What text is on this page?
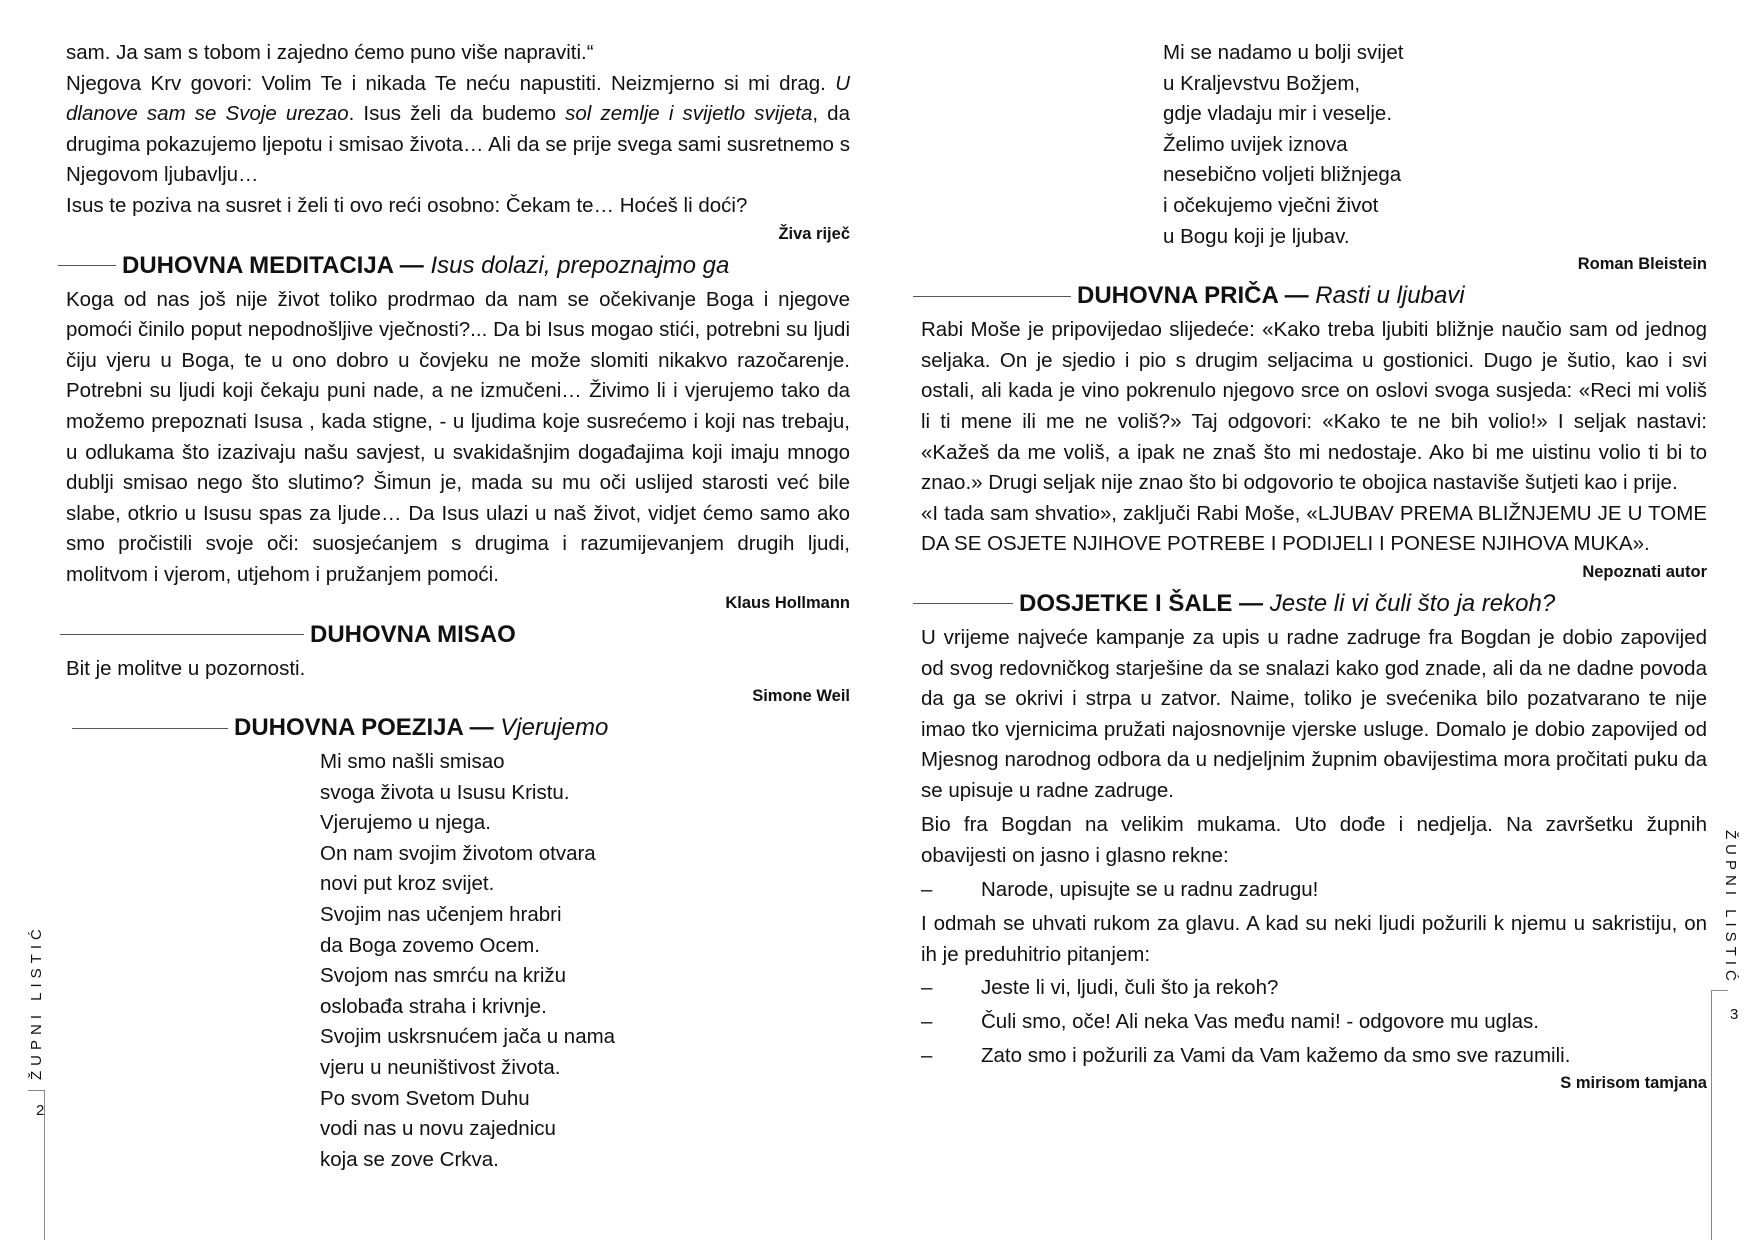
sam. Ja sam s tobom i zajedno ćemo puno više napraviti.“

Njegova Krv govori: Volim Te i nikada Te neću napustiti. Neizmjerno si mi drag. U dlanove sam se Svoje urezao. Isus želi da budemo sol zemlje i svijetlo svijeta, da drugima pokazujemo ljepotu i smisao života… Ali da se prije svega sami susretnemo s Njegovom ljubavlju…

Isus te poziva na susret i želi ti ovo reći osobno: Čekam te… Hoćeš li doći?

Živa riječ

DUHOVNA MEDITACIJA — Isus dolazi, prepoznajmo ga

Koga od nas još nije život toliko prodrmao da nam se očekivanje Boga i njegove pomoći činilo poput nepodnošljive vječnosti?... Da bi Isus mogao stići, potrebni su ljudi čiju vjeru u Boga, te u ono dobro u čovjeku ne može slomiti nikakvo razočarenje. Potrebni su ljudi koji čekaju puni nade, a ne izmučeni… Živimo li i vjerujemo tako da možemo prepoznati Isusa , kada stigne, - u ljudima koje susrećemo i koji nas trebaju, u odlukama što izazivaju našu savjest, u svakidašnjim događajima koji imaju mnogo dublji smisao nego što slutimo? Šimun je, mada su mu oči uslijed starosti već bile slabe, otkrio u Isusu spas za ljude… Da Isus ulazi u naš život, vidjet ćemo samo ako smo pročistili svoje oči: suosjećanjem s drugima i razumijevanjem drugih ljudi, molitvom i vjerom, utjehom i pružanjem pomoći.

Klaus Hollmann

DUHOVNA MISAO

Bit je molitve u pozornosti.

Simone Weil

DUHOVNA POEZIJA — Vjerujemo

Mi smo našli smisao

svoga života u Isusu Kristu.

Vjerujemo u njega.

On nam svojim životom otvara

novi put kroz svijet.

Svojim nas učenjem hrabri

da Boga zovemo Ocem.

Svojom nas smrću na križu

oslobađa straha i krivnje.

Svojim uskrsnućem jača u nama

vjeru u neuništivost života.

Po svom Svetom Duhu

vodi nas u novu zajednicu

koja se zove Crkva.

ŽUPNI LISTIĆ
2

Mi se nadamo u bolji svijet

u Kraljevstvu Božjem,

gdje vladaju mir i veselje.

Želimo uvijek iznova

nesebično voljeti bližnjega

i očekujemo vječni život

u Bogu koji je ljubav.

Roman Bleistein

DUHOVNA PRIČA — Rasti u ljubavi

Rabi Moše je pripovijedao slijedeće: «Kako treba ljubiti bližnje naučio sam od jednog seljaka. On je sjedio i pio s drugim seljacima u gostionici. Dugo je šutio, kao i svi ostali, ali kada je vino pokrenulo njegovo srce on oslovi svoga susjeda: «Reci mi voliš li ti mene ili me ne voliš?» Taj odgovori: «Kako te ne bih volio!» I seljak nastavi: «Kažeš da me voliš, a ipak ne znaš što mi nedostaje. Ako bi me uistinu volio ti bi to znao.» Drugi seljak nije znao što bi odgovorio te obojica nastaviše šutjeti kao i prije.

«I tada sam shvatio», zaključi Rabi Moše, «LJUBAV PREMA BLIŽNJEMU JE U TOME DA SE OSJETE NJIHOVE POTREBE I PODIJELI I PONESE NJIHOVA MUKA».

Nepoznati autor

DOSJETKE I ŠALE — Jeste li vi čuli što ja rekoh?

U vrijeme najveće kampanje za upis u radne zadruge fra Bogdan je dobio zapovijed od svog redovničkog starješine da se snalazi kako god znade, ali da ne dadne povoda da ga se okrivi i strpa u zatvor. Naime, toliko je svećenika bilo pozatvarano te nije imao tko vjernicima pružati najosnovnije vjerske usluge. Domalo je dobio zapovijed od Mjesnog narodnog odbora da u nedjeljnim župnim obavijestima mora pročitati puku da se upisuje u radne zadruge.

Bio fra Bogdan na velikim mukama. Uto dođe i nedjelja. Na završetku župnih obavijesti on jasno i glasno rekne:

–	Narode, upisujte se u radnu zadrugu!

I odmah se uhvati rukom za glavu. A kad su neki ljudi požurili k njemu u sakristiju, on ih je preduhitrio pitanjem:

–	Jeste li vi, ljudi, čuli što ja rekoh?
–	Čuli smo, oče! Ali neka Vas među nami! - odgovore mu uglas.
–	Zato smo i požurili za Vami da Vam kažemo da smo sve razumili.

S mirisom tamjana

ŽUPNI LISTIĆ
3
